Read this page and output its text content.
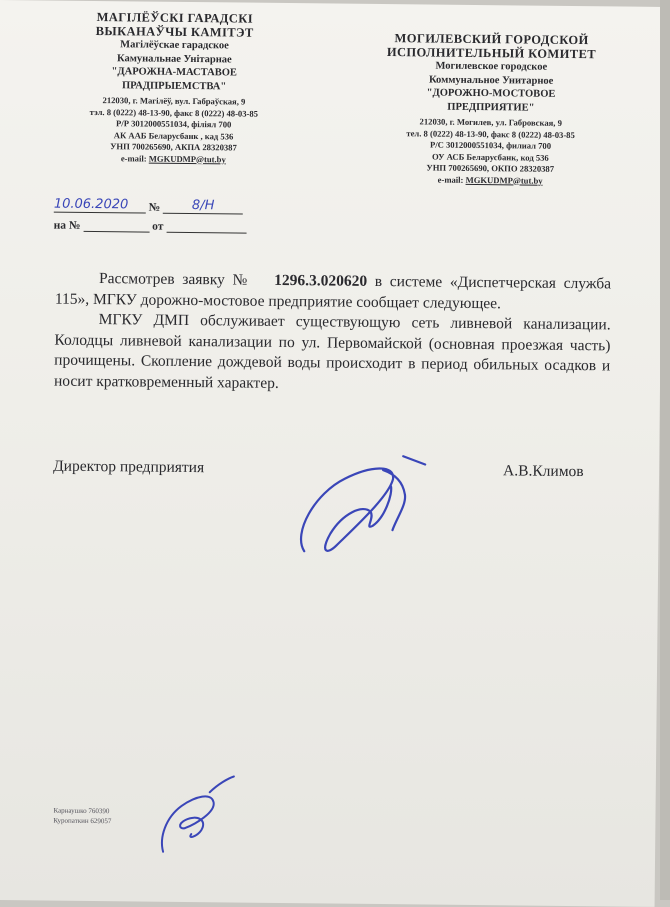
МАГІЛЁЎСКІ ГАРАДСКІ
ВЫКАНАЎЧЫ КАМІТЭТ
Магілёўскае гарадское
Камунальнае Унітарнае
"ДАРОЖНА-МАСТАВОЕ
ПРАДПРЫЕМСТВА"
212030, г. Магілёў, вул. Габраўская, 9
тэл. 8 (0222) 48-13-90, факс 8 (0222) 48-03-85
Р/Р 3012000551034, філіял 700
АК ААБ Беларусбанк , кад 536
УНП 700265690, АКПА 28320387
e-mail: MGKUDMP@tut.by
МОГИЛЕВСКИЙ ГОРОДСКОЙ
ИСПОЛНИТЕЛЬНЫЙ КОМИТЕТ
Могилевское городское
Коммунальное Унитарное
"ДОРОЖНО-МОСТОВОЕ
ПРЕДПРИЯТИЕ"
212030, г. Могилев, ул. Габровская, 9
тел. 8 (0222) 48-13-90, факс 8 (0222) 48-03-85
Р/С 3012000551034, филиал 700
ОУ АСБ Беларусбанк, код 536
УНП 700265690, ОКПО 28320387
e-mail: MGKUDMP@tut.by
10.06.2020 № 8/Н
на №	от

Рассмотрев заявку № 1296.3.020620 в системе «Диспетчерская служба 115», МГКУ дорожно-мостовое предприятие сообщает следующее.

МГКУ ДМП обслуживает существующую сеть ливневой канализации. Колодцы ливневой канализации по ул. Первомайской (основная проезжая часть) прочищены. Скопление дождевой воды происходит в период обильных осадков и носит кратковременный характер.

Директор предприятия	А.В.Климов
Карнаушко 760390
Куропаткин 629057
